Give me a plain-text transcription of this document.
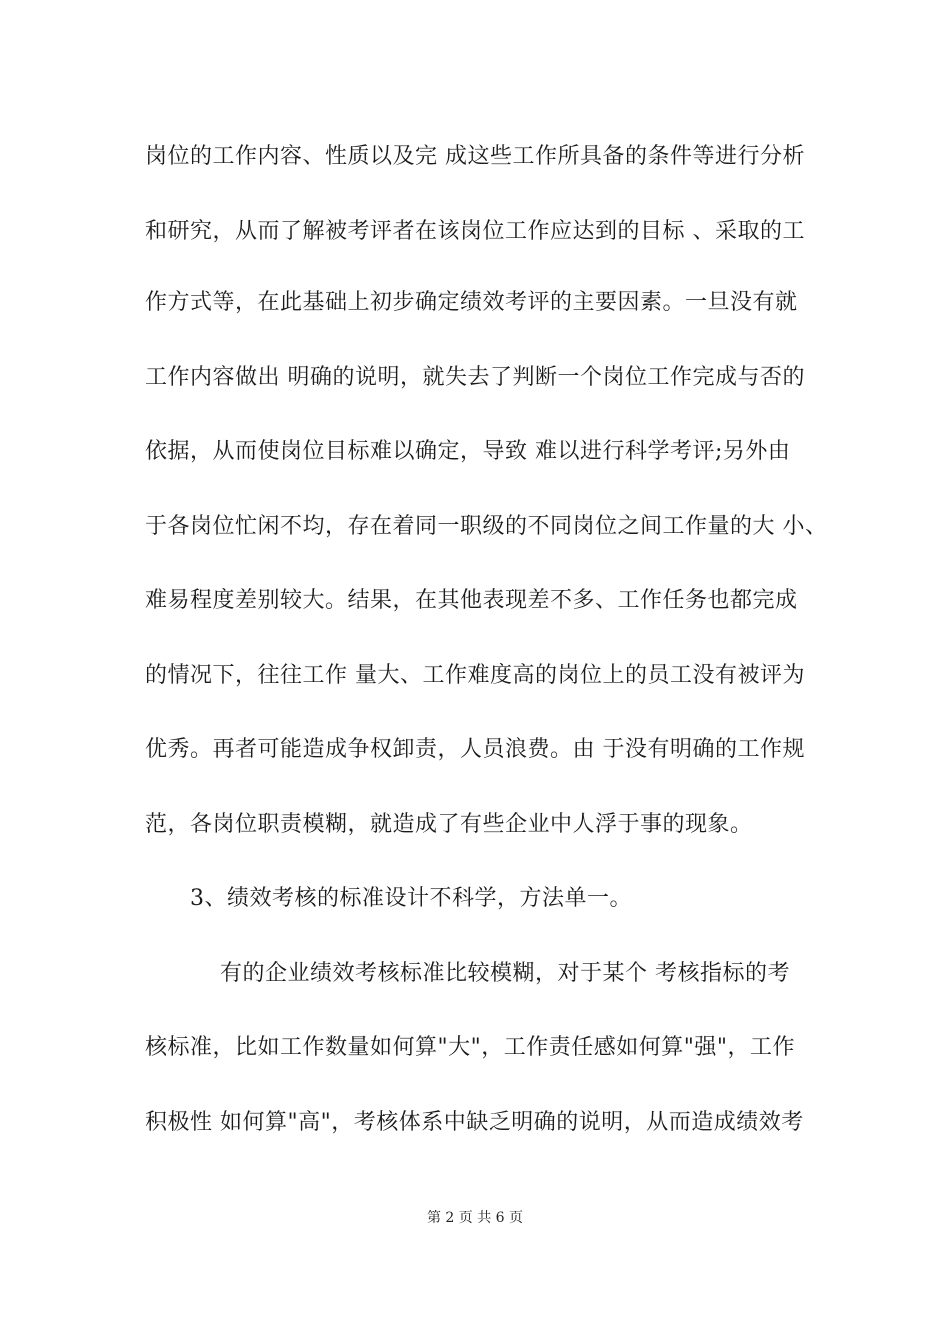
岗位的工作内容、性质以及完 成这些工作所具备的条件等进行分析
和研究，从而了解被考评者在该岗位工作应达到的目标 、采取的工
作方式等，在此基础上初步确定绩效考评的主要因素。一旦没有就
工作内容做出 明确的说明，就失去了判断一个岗位工作完成与否的
依据，从而使岗位目标难以确定，导致 难以进行科学考评;另外由
于各岗位忙闲不均，存在着同一职级的不同岗位之间工作量的大 小、
难易程度差别较大。结果，在其他表现差不多、工作任务也都完成
的情况下，往往工作 量大、工作难度高的岗位上的员工没有被评为
优秀。再者可能造成争权卸责，人员浪费。由 于没有明确的工作规
范，各岗位职责模糊，就造成了有些企业中人浮于事的现象。
3、绩效考核的标准设计不科学，方法单一。
有的企业绩效考核标准比较模糊，对于某个 考核指标的考
核标准，比如工作数量如何算"大"，工作责任感如何算"强"，工作
积极性 如何算"高"，考核体系中缺乏明确的说明，从而造成绩效考
第 2 页 共 6 页
